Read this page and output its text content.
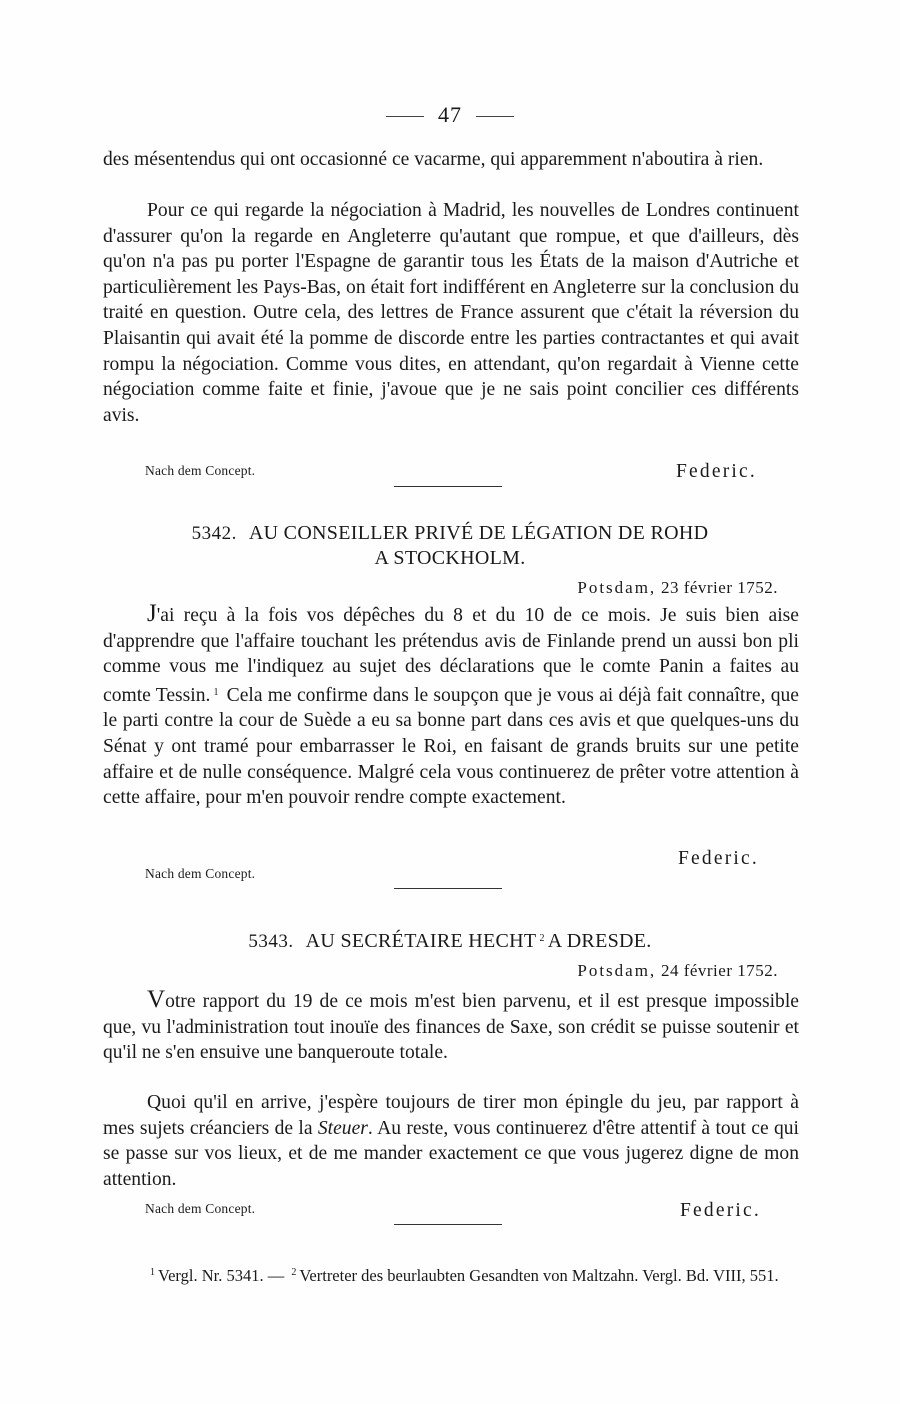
47

des mésentendus qui ont occasionné ce vacarme, qui apparemment n'aboutira à rien.

Pour ce qui regarde la négociation à Madrid, les nouvelles de Londres continuent d'assurer qu'on la regarde en Angleterre qu'autant que rompue, et que d'ailleurs, dès qu'on n'a pas pu porter l'Espagne de garantir tous les États de la maison d'Autriche et particulièrement les Pays-Bas, on était fort indifférent en Angleterre sur la conclusion du traité en question. Outre cela, des lettres de France assurent que c'était la réversion du Plaisantin qui avait été la pomme de discorde entre les parties contractantes et qui avait rompu la négociation. Comme vous dites, en attendant, qu'on regardait à Vienne cette négociation comme faite et finie, j'avoue que je ne sais point concilier ces différents avis.

Nach dem Concept.	Federic.
5342. AU CONSEILLER PRIVÉ DE LÉGATION DE ROHD
A STOCKHOLM.
Potsdam, 23 février 1752.

J'ai reçu à la fois vos dépêches du 8 et du 10 de ce mois. Je suis bien aise d'apprendre que l'affaire touchant les prétendus avis de Finlande prend un aussi bon pli comme vous me l'indiquez au sujet des déclarations que le comte Panin a faites au comte Tessin. $^1$ Cela me confirme dans le soupçon que je vous ai déjà fait connaître, que le parti contre la cour de Suède a eu sa bonne part dans ces avis et que quelques-uns du Sénat y ont tramé pour embarrasser le Roi, en faisant de grands bruits sur une petite affaire et de nulle conséquence. Malgré cela vous continuerez de prêter votre attention à cette affaire, pour m'en pouvoir rendre compte exactement.

Nach dem Concept.
Federic.
5343. AU SECRÉTAIRE HECHT $^2$ A DRESDE.
Potsdam, 24 février 1752.

Votre rapport du 19 de ce mois m'est bien parvenu, et il est presque impossible que, vu l'administration tout inouïe des finances de Saxe, son crédit se puisse soutenir et qu'il ne s'en ensuive une banqueroute totale.

Quoi qu'il en arrive, j'espère toujours de tirer mon épingle du jeu, par rapport à mes sujets créanciers de la Steuer. Au reste, vous continuerez d'être attentif à tout ce qui se passe sur vos lieux, et de me mander exactement ce que vous jugerez digne de mon attention.

Nach dem Concept.	Federic.

$^1$ Vergl. Nr. 5341. — $^2$ Vertreter des beurlaubten Gesandten von Maltzahn. Vergl. Bd. VIII, 551.
